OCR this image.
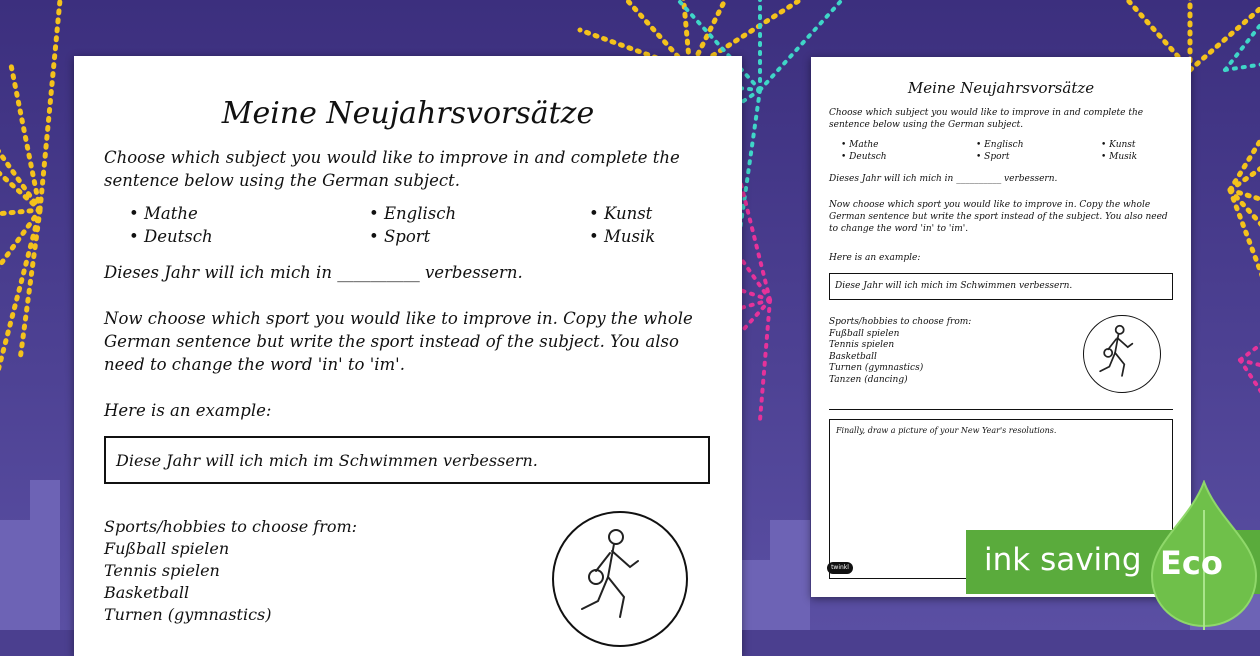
Meine Neujahrsvorsätze

Choose which subject you would like to improve in and complete the sentence below using the German subject.

• Mathe
• Deutsch
• Englisch
• Sport
• Kunst
• Musik

Dieses Jahr will ich mich in __________ verbessern.

Now choose which sport you would like to improve in. Copy the whole German sentence but write the sport instead of the subject. You also need to change the word 'in' to 'im'.

Here is an example:

Diese Jahr will ich mich im Schwimmen verbessern.
Sports/hobbies to choose from:
Fußball spielen
Tennis spielen
Basketball
Turnen (gymnastics)
Meine Neujahrsvorsätze

Choose which subject you would like to improve in and complete the sentence below using the German subject.

• Mathe
• Deutsch
• Englisch
• Sport
• Kunst
• Musik

Dieses Jahr will ich mich in __________ verbessern.

Now choose which sport you would like to improve in. Copy the whole German sentence but write the sport instead of the subject. You also need to change the word 'in' to 'im'.

Here is an example:

Diese Jahr will ich mich im Schwimmen verbessern.
Sports/hobbies to choose from:
Fußball spielen
Tennis spielen
Basketball
Turnen (gymnastics)
Tanzen (dancing)
Finally, draw a picture of your New Year's resolutions.
twinkl	ink saving Eco
